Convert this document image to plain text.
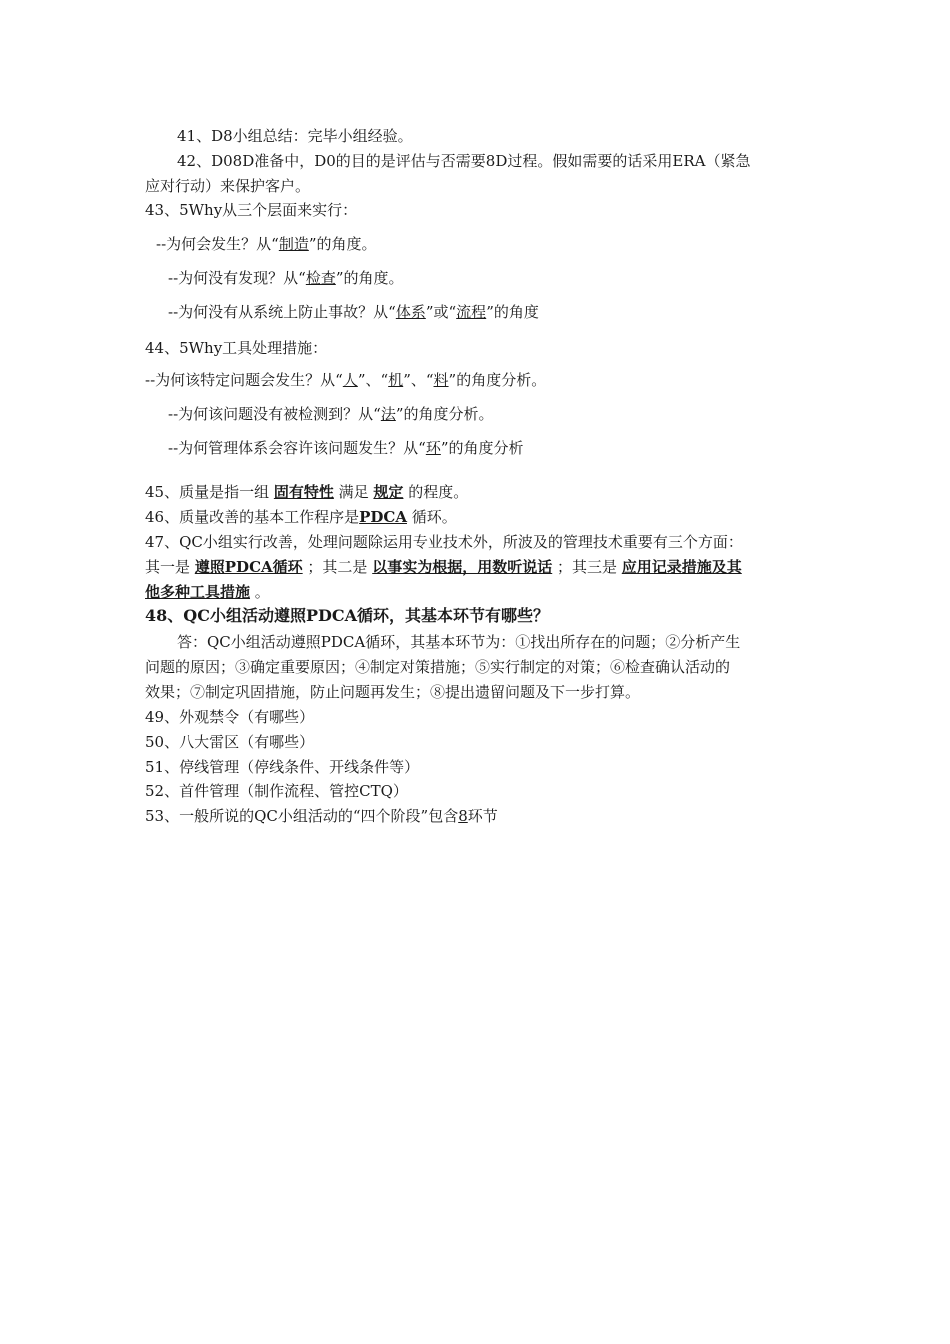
41、D8小组总结：完毕小组经验。
42、D08D准备中，D0的目的是评估与否需要8D过程。假如需要的话采用ERA（紧急
应对行动）来保护客户。
43、5Why从三个层面来实行：
--为何会发生？从“制造”的角度。
--为何没有发现？从“检查”的角度。
--为何没有从系统上防止事故？从“体系”或“流程”的角度
44、5Why工具处理措施：
--为何该特定问题会发生？从“人”、“机”、“料”的角度分析。
--为何该问题没有被检测到？从“法”的角度分析。
--为何管理体系会容许该问题发生？从“环”的角度分析
45、质量是指一组 固有特性 满足 规定 的程度。
46、质量改善的基本工作程序是PDCA 循环。
47、QC小组实行改善，处理问题除运用专业技术外，所波及的管理技术重要有三个方面：
其一是 遵照PDCA循环 ；其二是 以事实为根据，用数听说话 ；其三是 应用记录措施及其
他多种工具措施 。
48、QC小组活动遵照PDCA循环，其基本环节有哪些？
答：QC小组活动遵照PDCA循环，其基本环节为：①找出所存在的问题；②分析产生
问题的原因；③确定重要原因；④制定对策措施；⑤实行制定的对策；⑥检查确认活动的
效果；⑦制定巩固措施，防止问题再发生；⑧提出遗留问题及下一步打算。
49、外观禁令（有哪些）
50、八大雷区（有哪些）
51、停线管理（停线条件、开线条件等）
52、首件管理（制作流程、管控CTQ）
53、一般所说的QC小组活动的“四个阶段”包含8环节
